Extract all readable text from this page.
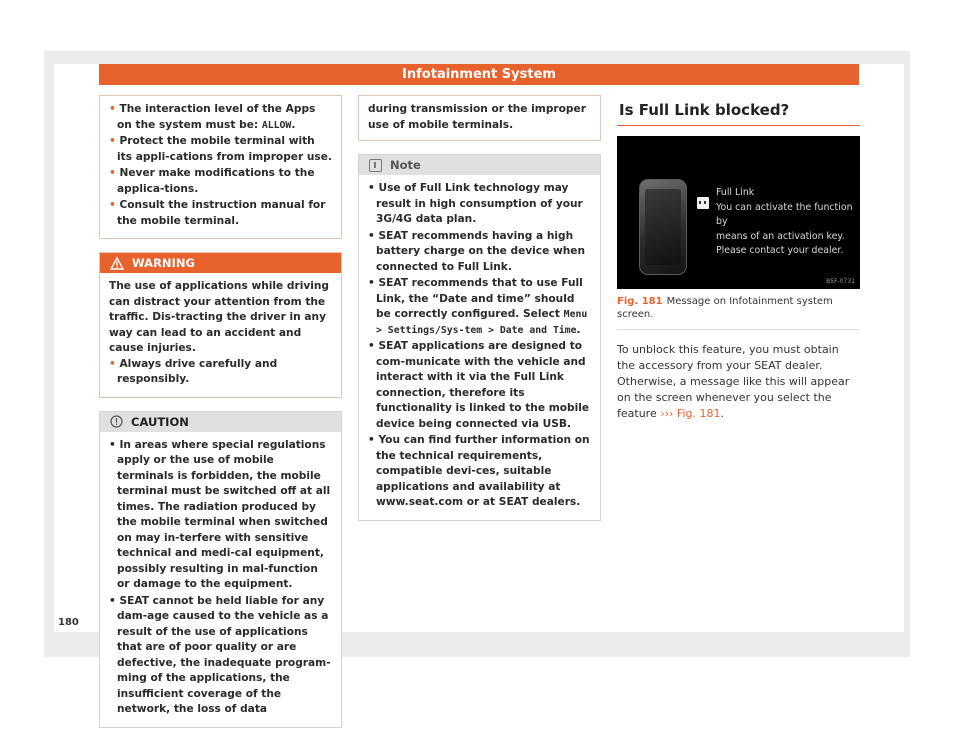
Infotainment System
• The interaction level of the Apps on the system must be: ALLOW.
• Protect the mobile terminal with its appli-cations from improper use.
• Never make modifications to the applica-tions.
• Consult the instruction manual for the mobile terminal.
WARNING

The use of applications while driving can distract your attention from the traffic. Dis-tracting the driver in any way can lead to an accident and cause injuries.

• Always drive carefully and responsibly.
CAUTION
• In areas where special regulations apply or the use of mobile terminals is forbidden, the mobile terminal must be switched off at all times. The radiation produced by the mobile terminal when switched on may in-terfere with sensitive technical and medi-cal equipment, possibly resulting in mal-function or damage to the equipment.
• SEAT cannot be held liable for any dam-age caused to the vehicle as a result of the use of applications that are of poor quality or are defective, the inadequate program-ming of the applications, the insufficient coverage of the network, the loss of data

during transmission or the improper use of mobile terminals.

Note
• Use of Full Link technology may result in high consumption of your 3G/4G data plan.
• SEAT recommends having a high battery charge on the device when connected to Full Link.
• SEAT recommends that to use Full Link, the “Date and time” should be correctly configured. Select Menu > Settings/Sys-tem > Date and Time.
• SEAT applications are designed to com-municate with the vehicle and interact with it via the Full Link connection, therefore its functionality is linked to the mobile device being connected via USB.
• You can find further information on the technical requirements, compatible devi-ces, suitable applications and availability at www.seat.com or at SEAT dealers.
Is Full Link blocked?
Full Link
You can activate the function by
means of an activation key.
Please contact your dealer.
B5F-0731
Fig. 181 Message on Infotainment system screen.

To unblock this feature, you must obtain the accessory from your SEAT dealer. Otherwise, a message like this will appear on the screen whenever you select the feature ››› Fig. 181.

180
